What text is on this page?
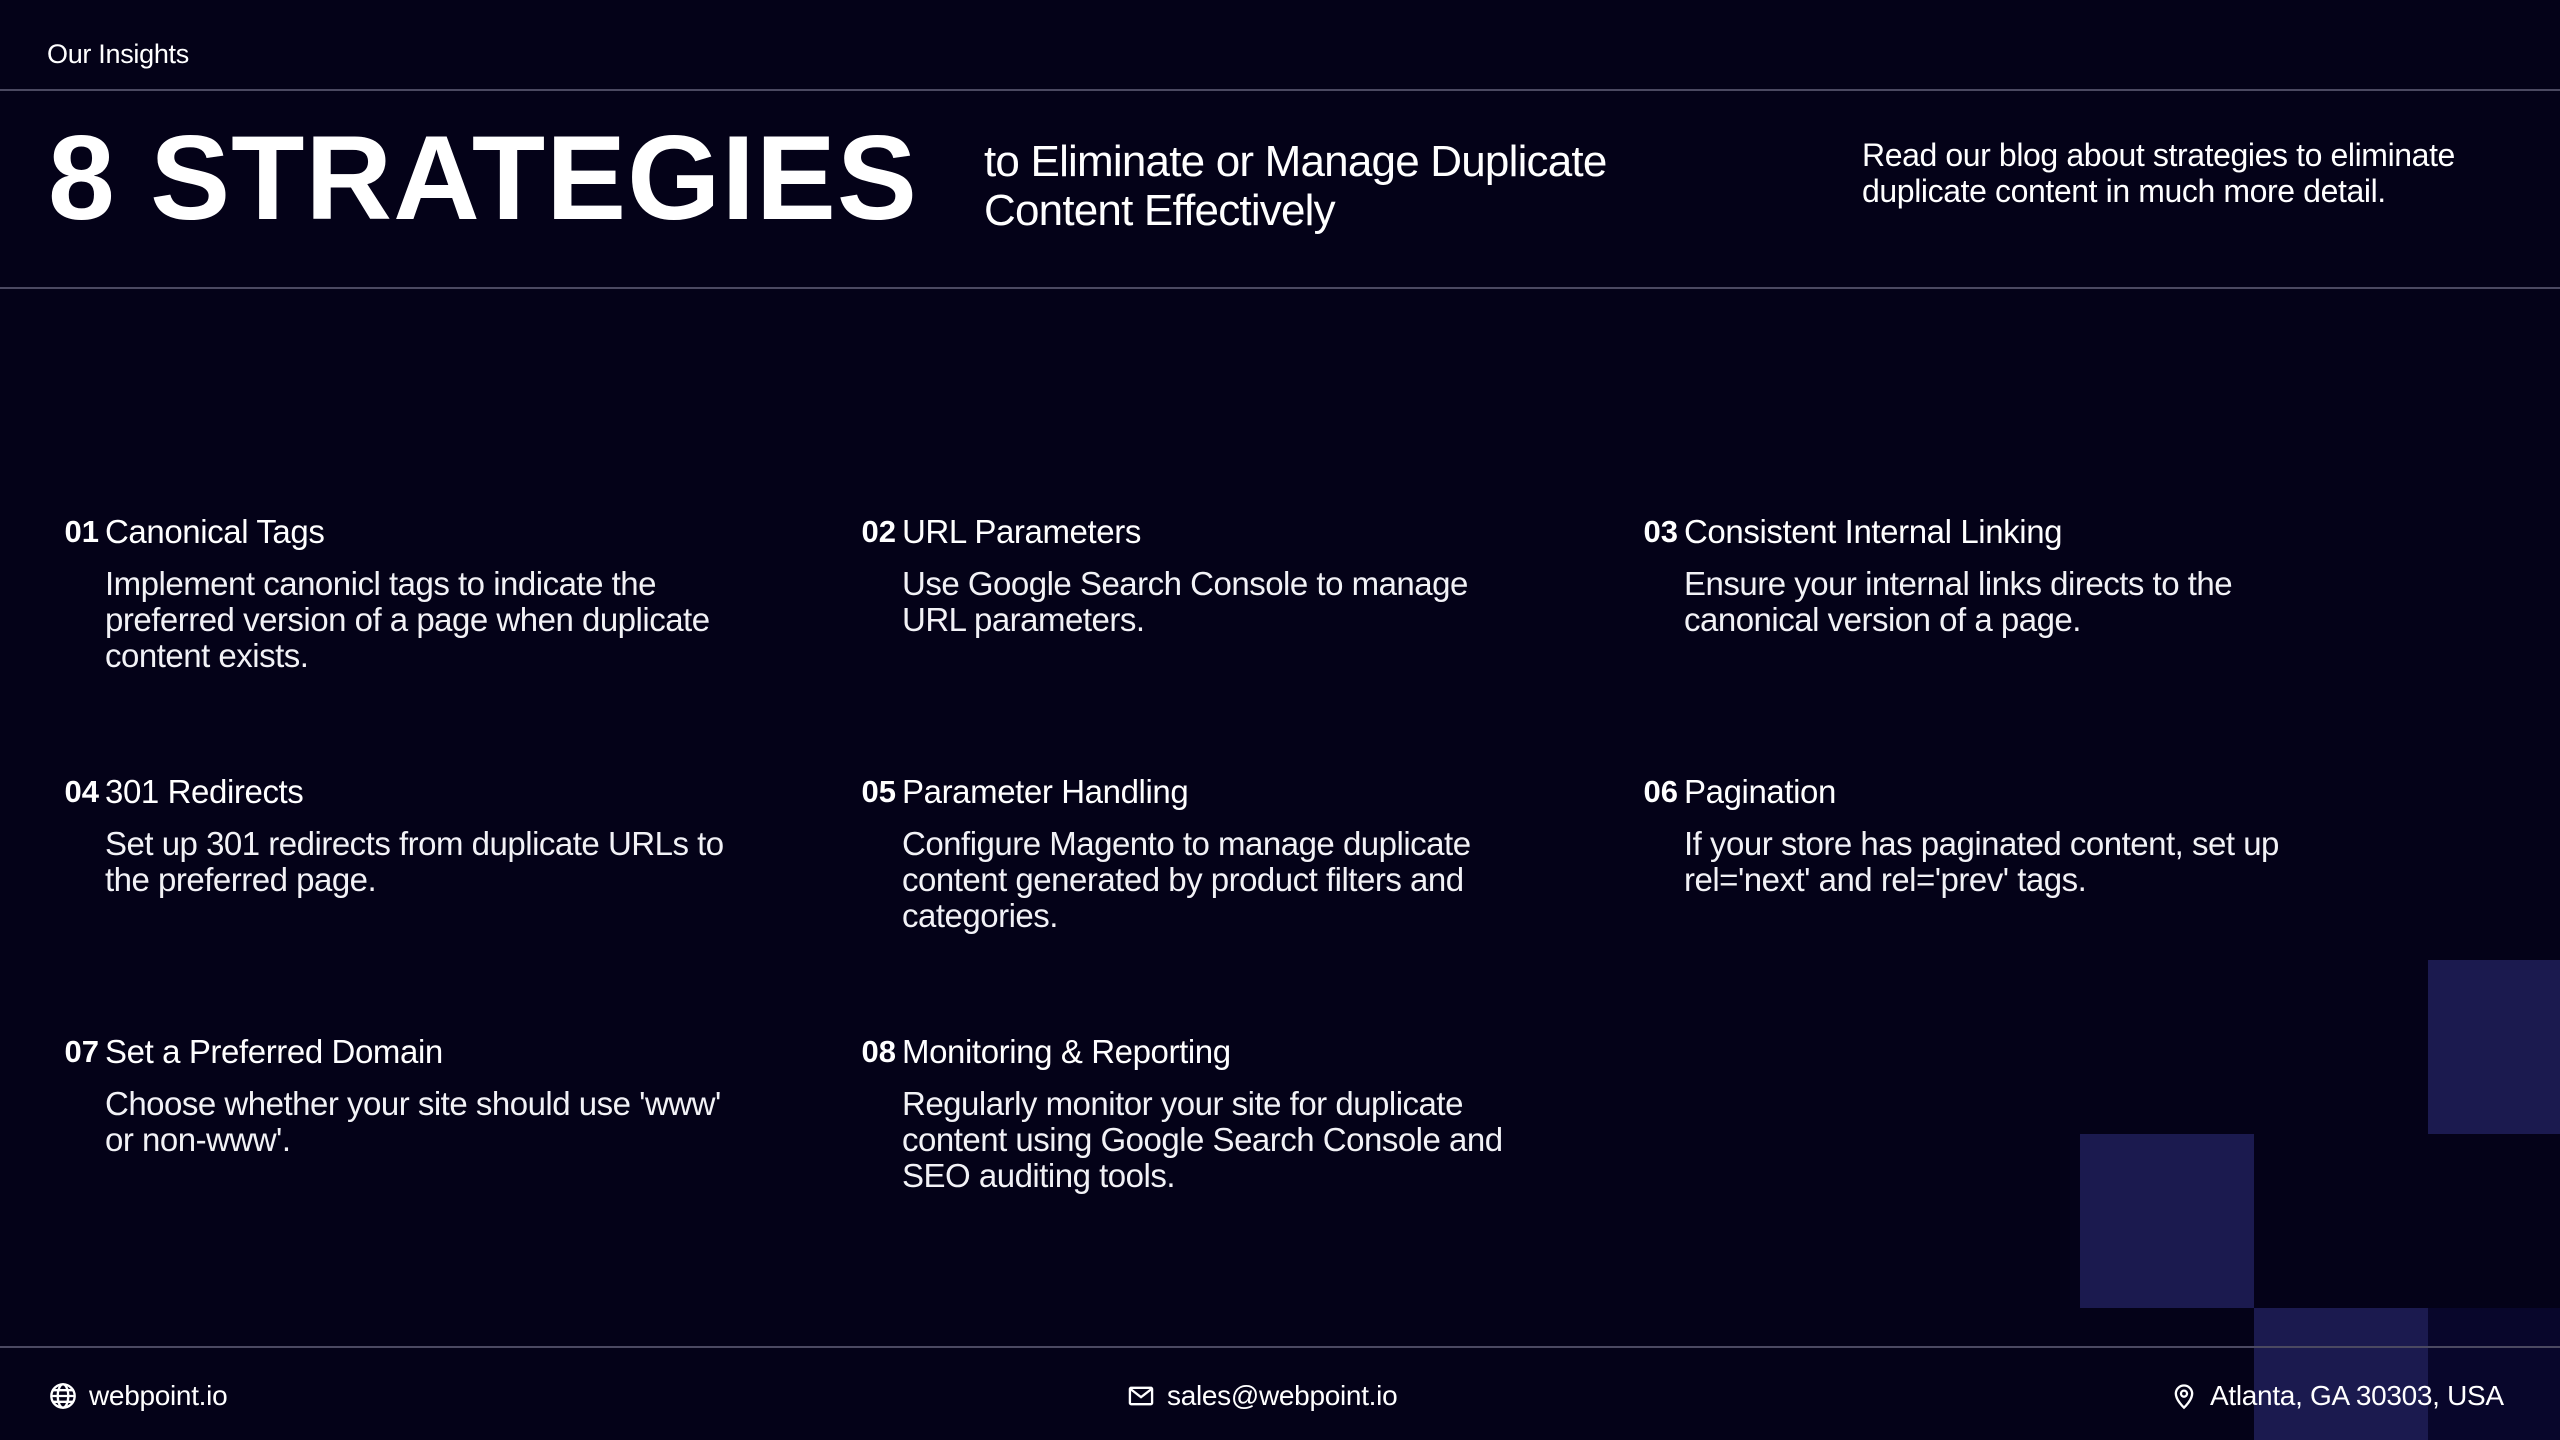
Our Insights
8 STRATEGIES to Eliminate or Manage Duplicate Content Effectively
Read our blog about strategies to eliminate duplicate content in much more detail.
01 Canonical Tags
Implement canonicl tags to indicate the preferred version of a page when duplicate content exists.
02 URL Parameters
Use Google Search Console to manage URL parameters.
03 Consistent Internal Linking
Ensure your internal links directs to the canonical version of a page.
04 301 Redirects
Set up 301 redirects from duplicate URLs to the preferred page.
05 Parameter Handling
Configure Magento to manage duplicate content generated by product filters and categories.
06 Pagination
If your store has paginated content, set up rel='next' and rel='prev' tags.
07 Set a Preferred Domain
Choose whether your site should use 'www' or non-www'.
08 Monitoring & Reporting
Regularly monitor your site for duplicate content using Google Search Console and SEO auditing tools.
webpoint.io	sales@webpoint.io	Atlanta, GA 30303, USA
